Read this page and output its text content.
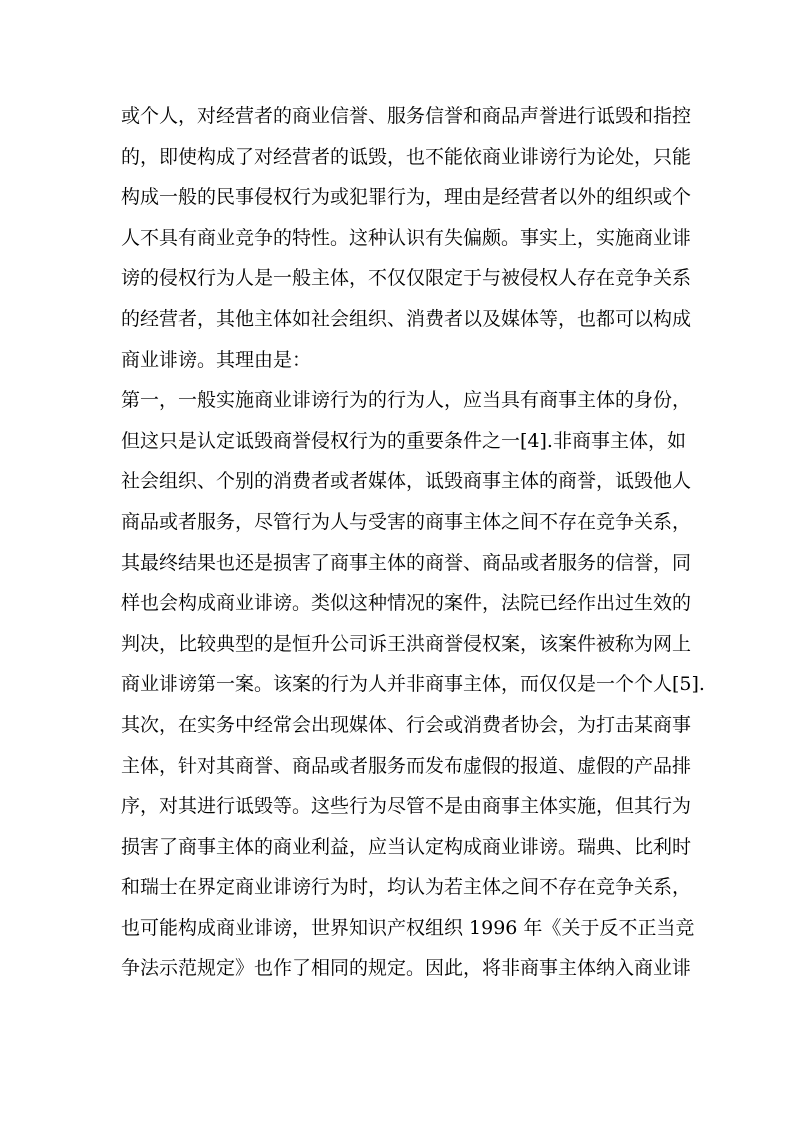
或个人，对经营者的商业信誉、服务信誉和商品声誉进行诋毁和指控
的，即使构成了对经营者的诋毁，也不能依商业诽谤行为论处，只能
构成一般的民事侵权行为或犯罪行为，理由是经营者以外的组织或个
人不具有商业竞争的特性。这种认识有失偏颇。事实上，实施商业诽
谤的侵权行为人是一般主体，不仅仅限定于与被侵权人存在竞争关系
的经营者，其他主体如社会组织、消费者以及媒体等，也都可以构成
商业诽谤。其理由是：
第一，一般实施商业诽谤行为的行为人，应当具有商事主体的身份，
但这只是认定诋毁商誉侵权行为的重要条件之一[4].非商事主体，如
社会组织、个别的消费者或者媒体，诋毁商事主体的商誉，诋毁他人
商品或者服务，尽管行为人与受害的商事主体之间不存在竞争关系，
其最终结果也还是损害了商事主体的商誉、商品或者服务的信誉，同
样也会构成商业诽谤。类似这种情况的案件，法院已经作出过生效的
判决，比较典型的是恒升公司诉王洪商誉侵权案，该案件被称为网上
商业诽谤第一案。该案的行为人并非商事主体，而仅仅是一个个人[5].
其次，在实务中经常会出现媒体、行会或消费者协会，为打击某商事
主体，针对其商誉、商品或者服务而发布虚假的报道、虚假的产品排
序，对其进行诋毁等。这些行为尽管不是由商事主体实施，但其行为
损害了商事主体的商业利益，应当认定构成商业诽谤。瑞典、比利时
和瑞士在界定商业诽谤行为时，均认为若主体之间不存在竞争关系，
也可能构成商业诽谤，世界知识产权组织 1996 年《关于反不正当竞
争法示范规定》也作了相同的规定。因此，将非商事主体纳入商业诽
